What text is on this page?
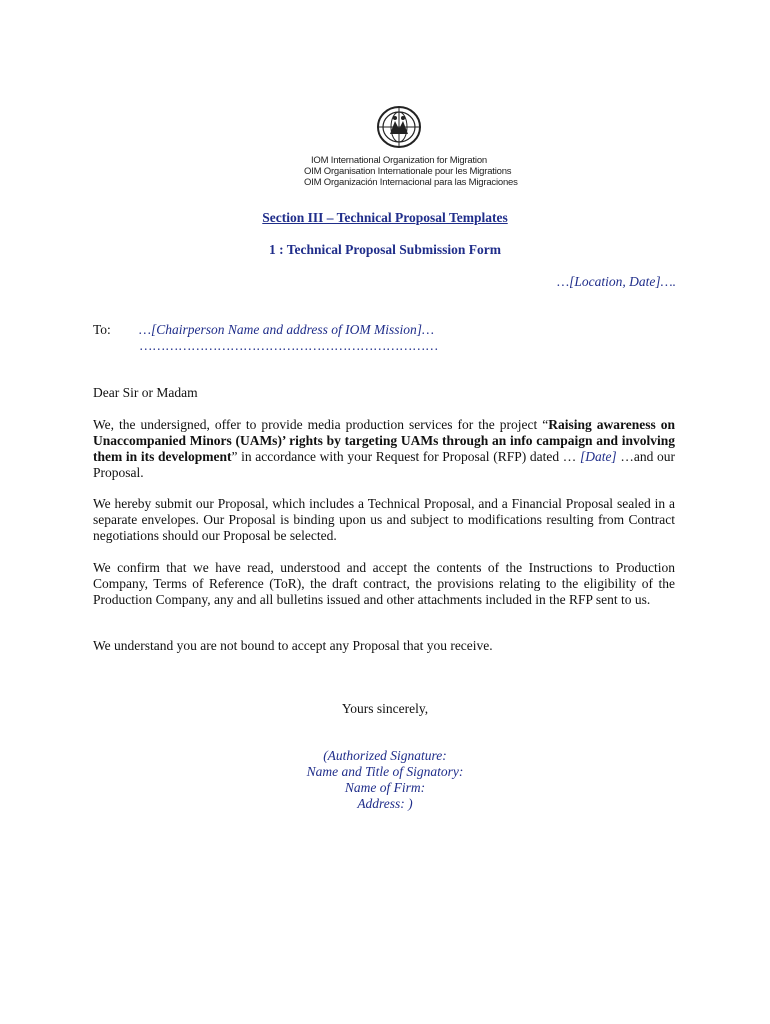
IOM International Organization for Migration
OIM Organisation Internationale pour les Migrations
OIM Organización Internacional para las Migraciones
Section III – Technical Proposal Templates
1 : Technical Proposal Submission Form
…[Location, Date]….
To: …[Chairperson Name and address of IOM Mission]…
……………………………………………………………
Dear Sir or Madam
We, the undersigned, offer to provide media production services for the project “Raising awareness on Unaccompanied Minors (UAMs)’ rights by targeting UAMs through an info campaign and involving them in its development” in accordance with your Request for Proposal (RFP) dated … [Date] …and our Proposal.
We hereby submit our Proposal, which includes a Technical Proposal, and a Financial Proposal sealed in a separate envelopes. Our Proposal is binding upon us and subject to modifications resulting from Contract negotiations should our Proposal be selected.
We confirm that we have read, understood and accept the contents of the Instructions to Production Company, Terms of Reference (ToR), the draft contract, the provisions relating to the eligibility of the Production Company, any and all bulletins issued and other attachments included in the RFP sent to us.
We understand you are not bound to accept any Proposal that you receive.
Yours sincerely,
(Authorized Signature:
Name and Title of Signatory:
Name of Firm:
Address: )
